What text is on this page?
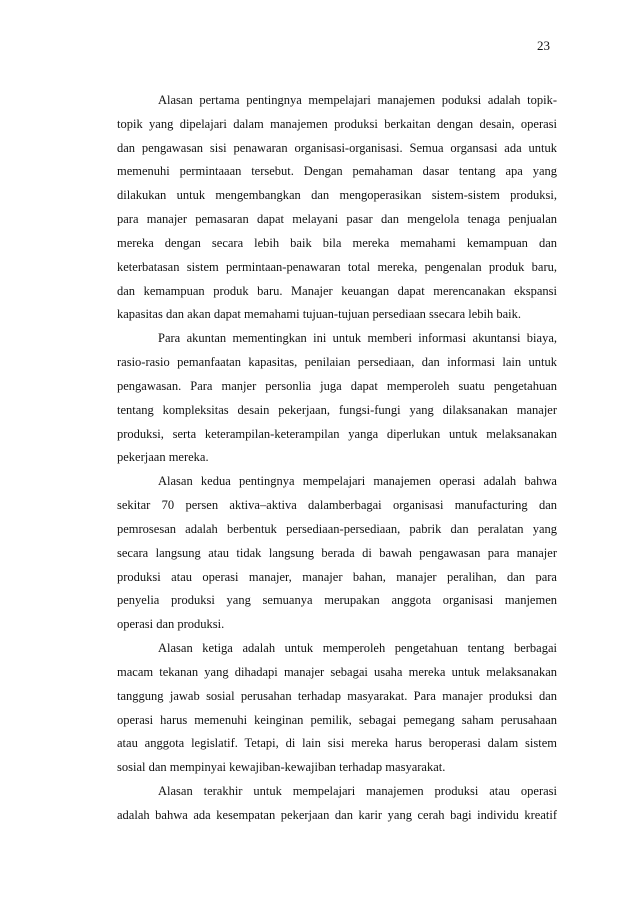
23
Alasan pertama pentingnya mempelajari manajemen poduksi adalah topik-
topik yang dipelajari dalam manajemen produksi berkaitan dengan desain, operasi
dan pengawasan sisi penawaran organisasi-organisasi. Semua organsasi ada untuk
memenuhi permintaaan tersebut. Dengan pemahaman dasar tentang apa yang
dilakukan untuk mengembangkan dan mengoperasikan sistem-sistem produksi,
para manajer pemasaran dapat melayani pasar dan mengelola tenaga penjualan
mereka dengan secara lebih baik bila mereka memahami kemampuan dan
keterbatasan sistem permintaan-penawaran total mereka, pengenalan produk baru,
dan kemampuan produk baru. Manajer keuangan dapat merencanakan ekspansi
kapasitas dan akan dapat memahami tujuan-tujuan persediaan ssecara lebih baik.
Para akuntan mementingkan ini untuk memberi informasi akuntansi biaya,
rasio-rasio pemanfaatan kapasitas, penilaian persediaan, dan informasi lain untuk
pengawasan. Para manjer personlia juga dapat memperoleh suatu pengetahuan
tentang kompleksitas desain pekerjaan, fungsi-fungi yang dilaksanakan manajer
produksi, serta keterampilan-keterampilan yanga diperlukan untuk melaksanakan
pekerjaan mereka.
Alasan kedua pentingnya mempelajari manajemen operasi adalah bahwa
sekitar 70 persen aktiva–aktiva dalamberbagai organisasi manufacturing dan
pemrosesan adalah berbentuk persediaan-persediaan, pabrik dan peralatan yang
secara langsung atau tidak langsung berada di bawah pengawasan para manajer
produksi atau operasi manajer, manajer bahan, manajer peralihan, dan para
penyelia produksi yang semuanya merupakan anggota organisasi manjemen
operasi dan produksi.
Alasan ketiga adalah untuk memperoleh pengetahuan tentang berbagai
macam tekanan yang dihadapi manajer sebagai usaha mereka untuk melaksanakan
tanggung jawab sosial perusahan terhadap masyarakat. Para manajer produksi dan
operasi harus memenuhi keinginan pemilik, sebagai pemegang saham perusahaan
atau anggota legislatif. Tetapi, di lain sisi mereka harus beroperasi dalam sistem
sosial dan mempinyai kewajiban-kewajiban terhadap masyarakat.
Alasan terakhir untuk mempelajari manajemen produksi atau operasi
adalah bahwa ada kesempatan pekerjaan dan karir yang cerah bagi individu kreatif
